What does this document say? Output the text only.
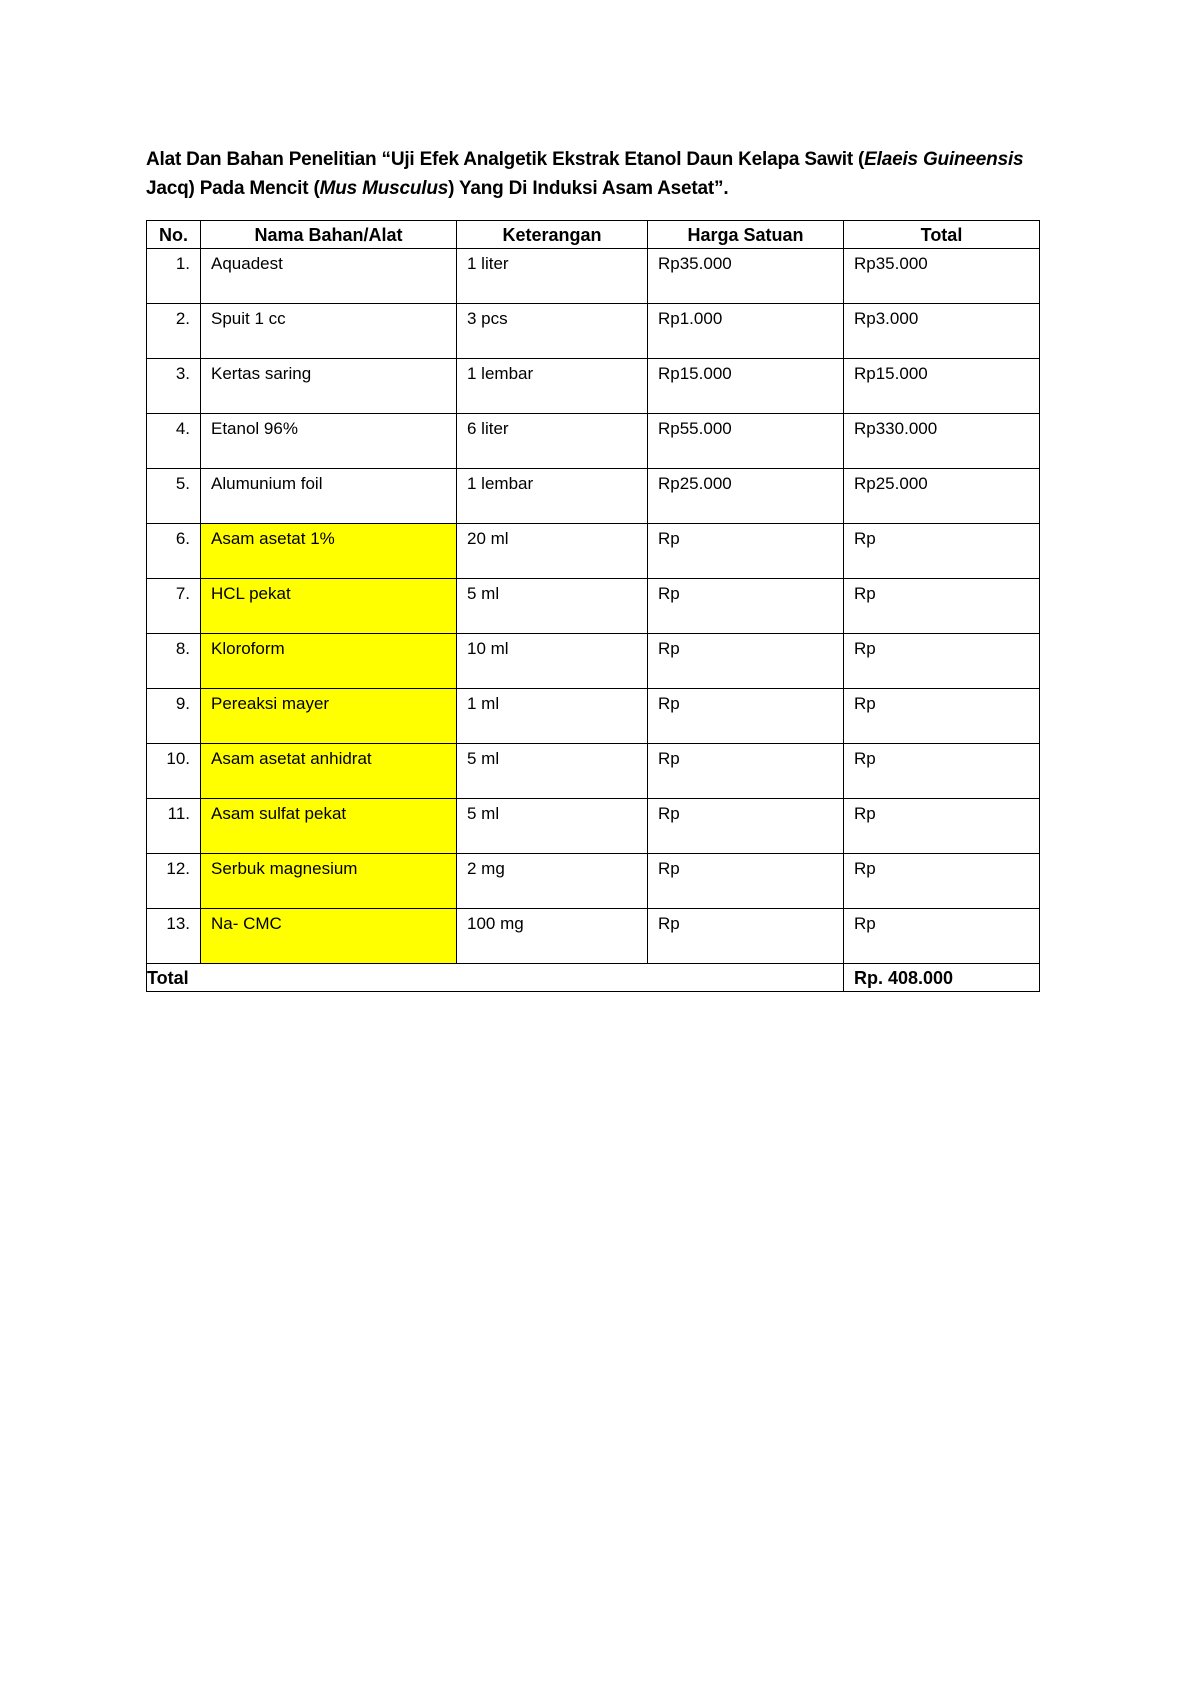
Alat Dan Bahan Penelitian “Uji Efek Analgetik Ekstrak Etanol Daun Kelapa Sawit (Elaeis Guineensis Jacq) Pada Mencit (Mus Musculus) Yang Di Induksi Asam Asetat”.
No.	Nama Bahan/Alat	Keterangan	Harga Satuan	Total

1.	Aquadest	1 liter	Rp35.000	Rp35.000

2.	Spuit 1 cc	3 pcs	Rp1.000	Rp3.000

3.	Kertas saring	1 lembar	Rp15.000	Rp15.000

4.	Etanol 96%	6 liter	Rp55.000	Rp330.000

5.	Alumunium foil	1 lembar	Rp25.000	Rp25.000

6.	Asam asetat 1%	20 ml	Rp	Rp

7.	HCL pekat	5 ml	Rp	Rp

8.	Kloroform	10 ml	Rp	Rp

9.	Pereaksi mayer	1 ml	Rp	Rp

10.	Asam asetat anhidrat	5 ml	Rp	Rp

11.	Asam sulfat pekat	5 ml	Rp	Rp

12.	Serbuk magnesium	2 mg	Rp	Rp

13.	Na- CMC	100 mg	Rp	Rp

Total				Rp. 408.000
